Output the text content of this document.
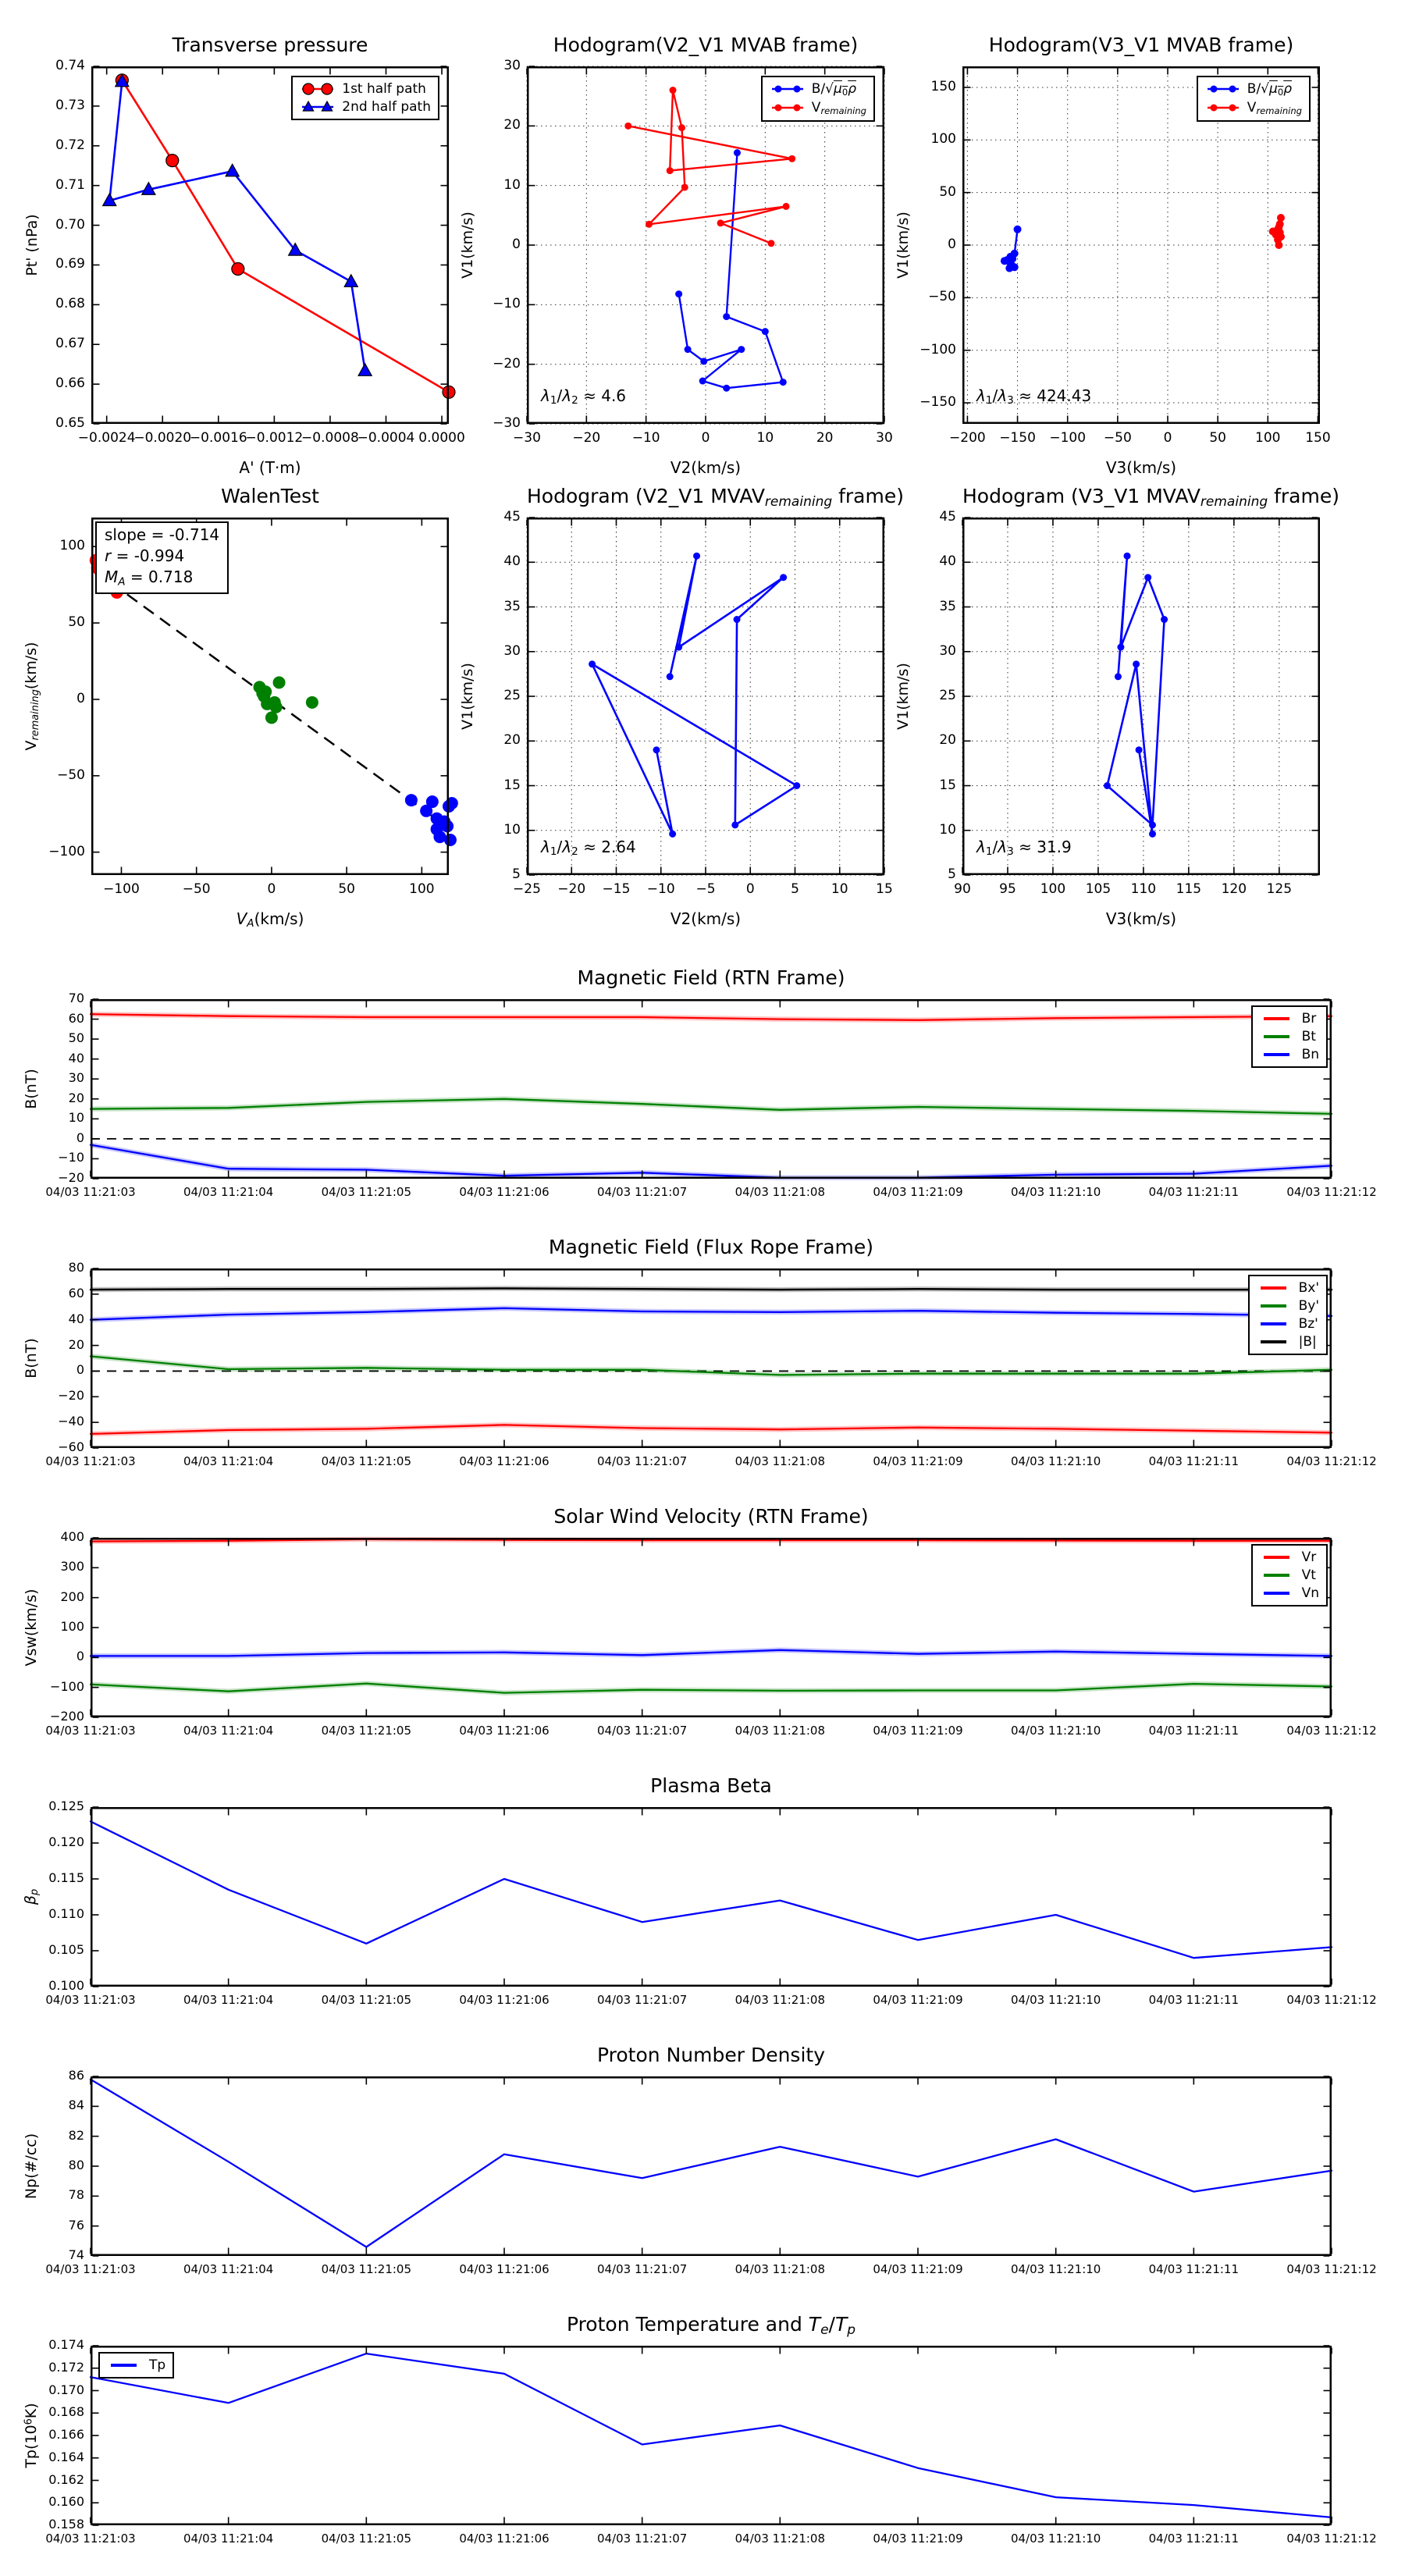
Transverse pressure
−0.0024
−0.0020
−0.0016
−0.0012
−0.0008
−0.0004 0.0000
0.65
0.66
0.67
0.68
0.69
0.70
0.71
0.72
0.73
0.74
A' (T·m)
Pt' (nPa)
1st half path
2nd half path
Hodogram(V2_V1 MVAB frame)
−30	−20	−10	0	10	20	30
−30
−20
−10
0
10
20
30
V2(km/s)
V1(km/s)
$B/√\mu 0\overline{\rho}$
Vremaining
λ1/λ2 ≈ 4.6
Hodogram(V3_V1 MVAB frame)
−200	−150	−100	−50	0	50	100	150
−150
−100
−50
0
50
100
150
V3(km/s)
V1(km/s)
$B/√\mu 0\overline{\rho}$
Vremaining
λ1/λ3 ≈ 424.43
WalenTest
−100	−50	0	50	100
−100
−50
0
50
100
VA(km/s)
Vremaining(km/s)
slope = -0.714
r = -0.994
MA = 0.718
Hodogram (V2_V1 MVAVremaining frame)
−25	−20	−15	−10	−5	0	5	10	15
5
10
15
20
25
30
35
40
45
V2(km/s)
V1(km/s)
λ1/λ2 ≈ 2.64
Hodogram (V3_V1 MVAVremaining frame)
90	95	100	105	110	115	120	125
5
10
15
20
25
30
35
40
45
V3(km/s)
V1(km/s)
λ1/λ3 ≈ 31.9
Magnetic Field (RTN Frame)
04/03 11:21:03	04/03 11:21:04	04/03 11:21:05	04/03 11:21:06	04/03 11:21:07	04/03 11:21:08	04/03 11:21:09	04/03 11:21:10	04/03 11:21:11	04/03 11:21:12
−20
−10
0
10
20
30
40
50
60
70
B(nT)
Br
Bt
Bn
Magnetic Field (Flux Rope Frame)
04/03 11:21:03	04/03 11:21:04	04/03 11:21:05	04/03 11:21:06	04/03 11:21:07	04/03 11:21:08	04/03 11:21:09	04/03 11:21:10	04/03 11:21:11	04/03 11:21:12
−60
−40
−20
0
20
40
60
80
B(nT)
Bx'
By'
Bz'
|B|
Solar Wind Velocity (RTN Frame)
04/03 11:21:03	04/03 11:21:04	04/03 11:21:05	04/03 11:21:06	04/03 11:21:07	04/03 11:21:08	04/03 11:21:09	04/03 11:21:10	04/03 11:21:11	04/03 11:21:12
−200
−100
0
100
200
300
400
Vsw(km/s)
Vr
Vt
Vn
Plasma Beta
04/03 11:21:03	04/03 11:21:04	04/03 11:21:05	04/03 11:21:06	04/03 11:21:07	04/03 11:21:08	04/03 11:21:09	04/03 11:21:10	04/03 11:21:11	04/03 11:21:12
0.100
0.105
0.110
0.115
0.120
0.125
βp
Proton Number Density
04/03 11:21:03	04/03 11:21:04	04/03 11:21:05	04/03 11:21:06	04/03 11:21:07	04/03 11:21:08	04/03 11:21:09	04/03 11:21:10	04/03 11:21:11	04/03 11:21:12
74
76
78
80
82
84
86
Np(#/cc)
Proton Temperature and Te/Tp
04/03 11:21:03	04/03 11:21:04	04/03 11:21:05	04/03 11:21:06	04/03 11:21:07	04/03 11:21:08	04/03 11:21:09	04/03 11:21:10	04/03 11:21:11	04/03 11:21:12
0.158
0.160
0.162
0.164
0.166
0.168
0.170
0.172
0.174
$Tp(10^6K)$
Tp
